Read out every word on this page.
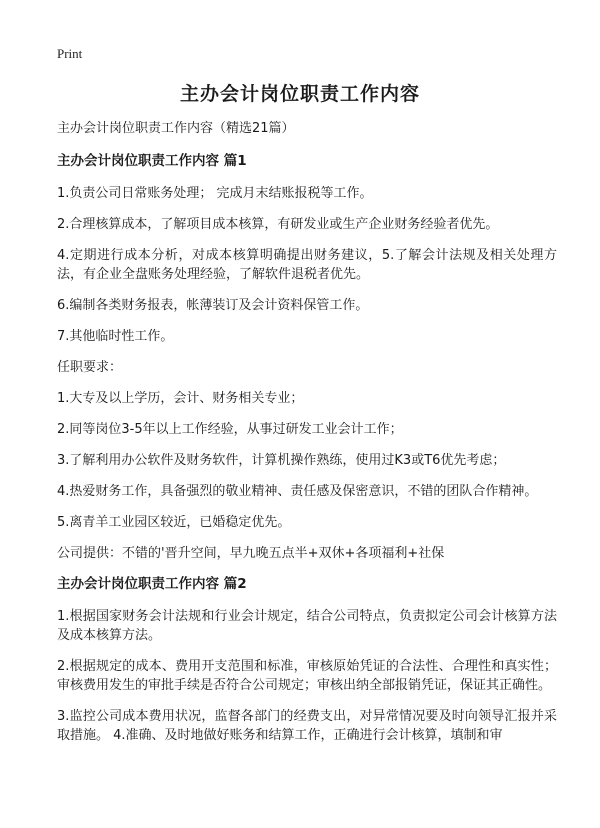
Print
主办会计岗位职责工作内容

主办会计岗位职责工作内容（精选21篇）

主办会计岗位职责工作内容 篇1

1.负责公司日常账务处理； 完成月末结账报税等工作。

2.合理核算成本，了解项目成本核算，有研发业或生产企业财务经验者优先。

4.定期进行成本分析，对成本核算明确提出财务建议，5.了解会计法规及相关处理方法，有企业全盘账务处理经验，了解软件退税者优先。

6.编制各类财务报表，帐薄装订及会计资料保管工作。

7.其他临时性工作。

任职要求：

1.大专及以上学历，会计、财务相关专业；

2.同等岗位3-5年以上工作经验，从事过研发工业会计工作；

3.了解利用办公软件及财务软件，计算机操作熟练，使用过K3或T6优先考虑；

4.热爱财务工作，具备强烈的敬业精神、责任感及保密意识，不错的团队合作精神。

5.离青羊工业园区较近，已婚稳定优先。

公司提供：不错的'晋升空间，早九晚五点半+双休+各项福利+社保

主办会计岗位职责工作内容 篇2

1.根据国家财务会计法规和行业会计规定，结合公司特点，负责拟定公司会计核算方法及成本核算方法。

2.根据规定的成本、费用开支范围和标准，审核原始凭证的合法性、合理性和真实性；审核费用发生的审批手续是否符合公司规定；审核出纳全部报销凭证，保证其正确性。

3.监控公司成本费用状况，监督各部门的经费支出，对异常情况要及时向领导汇报并采取措施。 4.准确、及时地做好账务和结算工作，正确进行会计核算，填制和审
